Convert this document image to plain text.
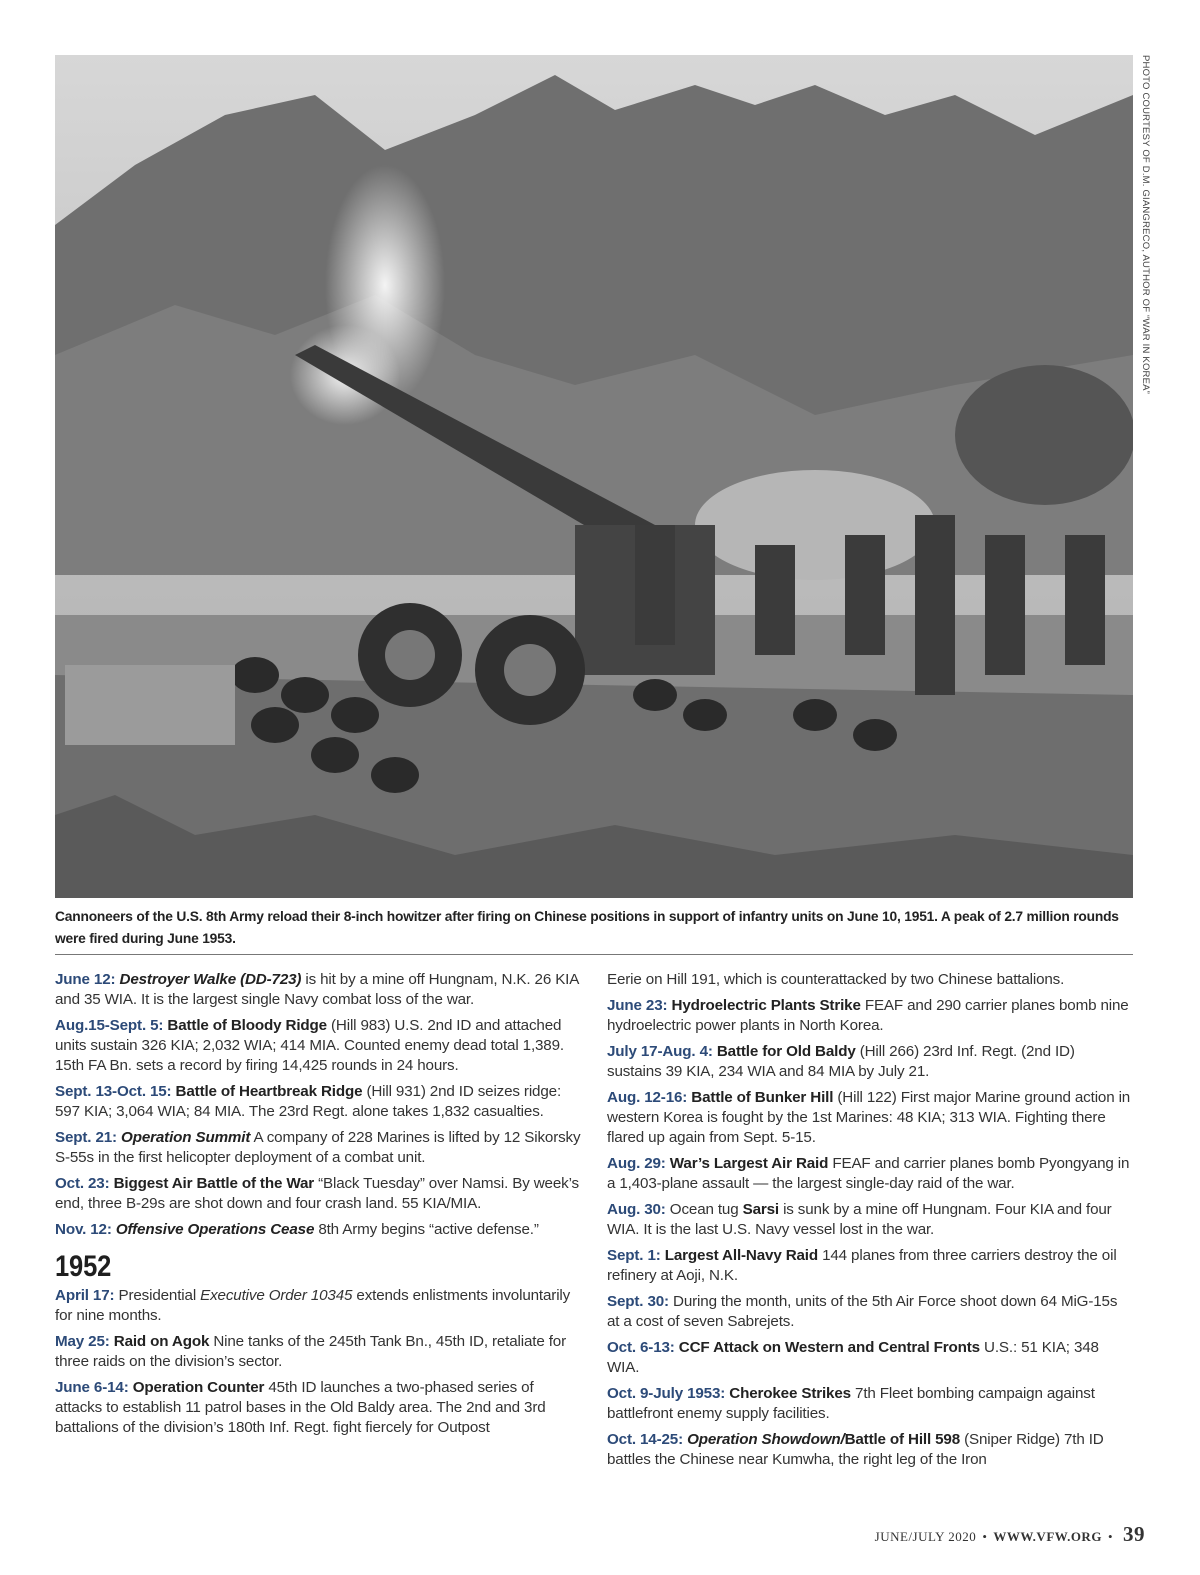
PHOTO COURTESY OF D.M. GIANGRECO, AUTHOR OF “WAR IN KOREA”
Cannoneers of the U.S. 8th Army reload their 8-inch howitzer after firing on Chinese positions in support of infantry units on June 10, 1951. A peak of 2.7 million rounds were fired during June 1953.

June 12: Destroyer Walke (DD-723) is hit by a mine off Hungnam, N.K. 26 KIA and 35 WIA. It is the largest single Navy combat loss of the war.

Aug.15-Sept. 5: Battle of Bloody Ridge (Hill 983) U.S. 2nd ID and attached units sustain 326 KIA; 2,032 WIA; 414 MIA. Counted enemy dead total 1,389. 15th FA Bn. sets a record by firing 14,425 rounds in 24 hours.

Sept. 13-Oct. 15: Battle of Heartbreak Ridge (Hill 931) 2nd ID seizes ridge: 597 KIA; 3,064 WIA; 84 MIA. The 23rd Regt. alone takes 1,832 casualties.

Sept. 21: Operation Summit A company of 228 Marines is lifted by 12 Sikorsky S-55s in the first helicopter deployment of a combat unit.

Oct. 23: Biggest Air Battle of the War “Black Tuesday” over Namsi. By week’s end, three B-29s are shot down and four crash land. 55 KIA/MIA.

Nov. 12: Offensive Operations Cease 8th Army begins “active defense.”

1952

April 17: Presidential Executive Order 10345 extends enlistments involuntarily for nine months.

May 25: Raid on Agok Nine tanks of the 245th Tank Bn., 45th ID, retaliate for three raids on the division’s sector.

June 6-14: Operation Counter 45th ID launches a two-phased series of attacks to establish 11 patrol bases in the Old Baldy area. The 2nd and 3rd battalions of the division’s 180th Inf. Regt. fight fiercely for Outpost

Eerie on Hill 191, which is counterattacked by two Chinese battalions.

June 23: Hydroelectric Plants Strike FEAF and 290 carrier planes bomb nine hydroelectric power plants in North Korea.

July 17-Aug. 4: Battle for Old Baldy (Hill 266) 23rd Inf. Regt. (2nd ID) sustains 39 KIA, 234 WIA and 84 MIA by July 21.

Aug. 12-16: Battle of Bunker Hill (Hill 122) First major Marine ground action in western Korea is fought by the 1st Marines: 48 KIA; 313 WIA. Fighting there flared up again from Sept. 5-15.

Aug. 29: War’s Largest Air Raid FEAF and carrier planes bomb Pyongyang in a 1,403-plane assault — the largest single-day raid of the war.

Aug. 30: Ocean tug Sarsi is sunk by a mine off Hungnam. Four KIA and four WIA. It is the last U.S. Navy vessel lost in the war.

Sept. 1: Largest All-Navy Raid 144 planes from three carriers destroy the oil refinery at Aoji, N.K.

Sept. 30: During the month, units of the 5th Air Force shoot down 64 MiG-15s at a cost of seven Sabrejets.

Oct. 6-13: CCF Attack on Western and Central Fronts U.S.: 51 KIA; 348 WIA.

Oct. 9-July 1953: Cherokee Strikes 7th Fleet bombing campaign against battlefront enemy supply facilities.

Oct. 14-25: Operation Showdown/Battle of Hill 598 (Sniper Ridge) 7th ID battles the Chinese near Kumwha, the right leg of the Iron

JUNE/JULY 2020 • WWW.VFW.ORG • 39
